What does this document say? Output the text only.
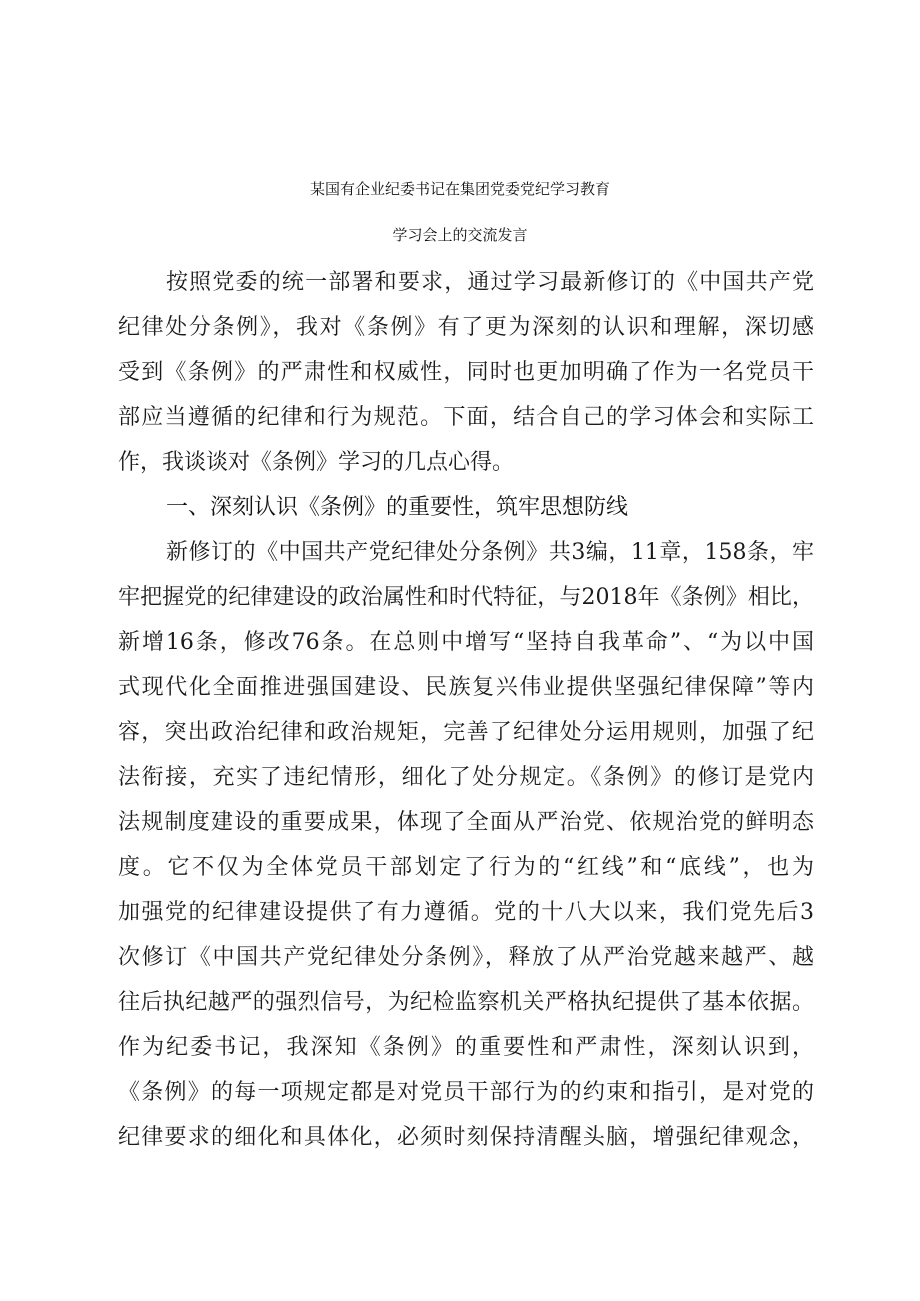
某国有企业纪委书记在集团党委党纪学习教育
学习会上的交流发言
按照党委的统一部署和要求，通过学习最新修订的《中国共产党
纪律处分条例》，我对《条例》有了更为深刻的认识和理解，深切感
受到《条例》的严肃性和权威性，同时也更加明确了作为一名党员干
部应当遵循的纪律和行为规范。下面，结合自己的学习体会和实际工
作，我谈谈对《条例》学习的几点心得。
一、深刻认识《条例》的重要性，筑牢思想防线
新修订的《中国共产党纪律处分条例》共3编，11章，158条，牢
牢把握党的纪律建设的政治属性和时代特征，与2018年《条例》相比，
新增16条，修改76条。在总则中增写“坚持自我革命”、“为以中国
式现代化全面推进强国建设、民族复兴伟业提供坚强纪律保障”等内
容，突出政治纪律和政治规矩，完善了纪律处分运用规则，加强了纪
法衔接，充实了违纪情形，细化了处分规定。《条例》的修订是党内
法规制度建设的重要成果，体现了全面从严治党、依规治党的鲜明态
度。它不仅为全体党员干部划定了行为的“红线”和“底线”，也为
加强党的纪律建设提供了有力遵循。党的十八大以来，我们党先后3
次修订《中国共产党纪律处分条例》，释放了从严治党越来越严、越
往后执纪越严的强烈信号，为纪检监察机关严格执纪提供了基本依据。
作为纪委书记，我深知《条例》的重要性和严肃性，深刻认识到，
《条例》的每一项规定都是对党员干部行为的约束和指引，是对党的
纪律要求的细化和具体化，必须时刻保持清醒头脑，增强纪律观念，
